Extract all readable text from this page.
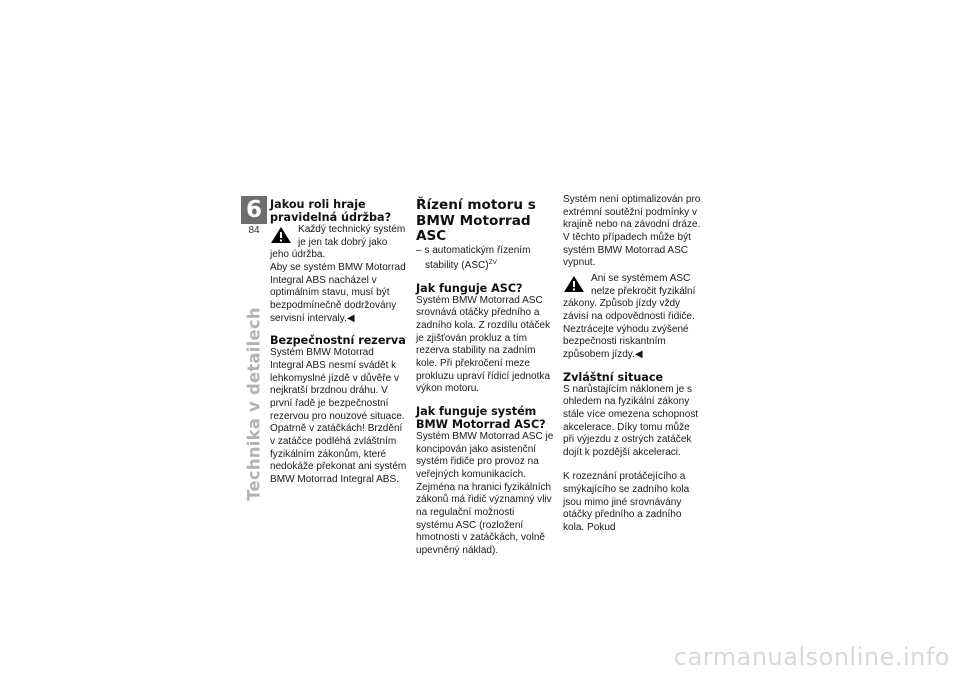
6
84
Technika v detailech

Jakou roli hraje pravidelná údržba?

Každý technický systém je jen tak dobrý jako jeho údržba.

Aby se systém BMW Motorrad Integral ABS nacházel v optimálním stavu, musí být bezpodmínečně dodržovány servisní intervaly.◀

Bezpečnostní rezerva

Systém BMW Motorrad Integral ABS nesmí svádět k lehkomyslné jízdě v důvěře v nejkratší brzdnou dráhu. V první řadě je bezpečnostní rezervou pro nouzové situace.

Opatrně v zatáčkách! Brzdění v zatáčce podléhá zvláštním fyzikálním zákonům, které nedokáže překonat ani systém BMW Motorrad Integral ABS.

Řízení motoru s BMW Motorrad ASC

– s automatickým řízením stability (ASC)$^{ZV}$

Jak funguje ASC?

Systém BMW Motorrad ASC srovnává otáčky předního a zadního kola. Z rozdílu otáček je zjišťován prokluz a tím rezerva stability na zadním kole. Při překročení meze prokluzu upraví řídicí jednotka výkon motoru.

Jak funguje systém BMW Motorrad ASC?

Systém BMW Motorrad ASC je koncipován jako asistenční systém řidiče pro provoz na veřejných komunikacích. Zejména na hranici fyzikálních zákonů má řidič významný vliv na regulační možnosti systému ASC (rozložení hmotnosti v zatáčkách, volně upevněný náklad).

Systém není optimalizován pro extrémní soutěžní podmínky v krajině nebo na závodní dráze. V těchto případech může být systém BMW Motorrad ASC vypnut.

Ani se systémem ASC nelze překročit fyzikální zákony. Způsob jízdy vždy závisí na odpovědnosti řidiče.

Neztrácejte výhodu zvýšené bezpečnosti riskantním způsobem jízdy.◀

Zvláštní situace

S narůstajícím náklonem je s ohledem na fyzikální zákony stále více omezena schopnost akcelerace. Díky tomu může při výjezdu z ostrých zatáček dojít k pozdější akceleraci.

K rozeznání protáčejícího a smýkajícího se zadního kola jsou mimo jiné srovnávány otáčky předního a zadního kola. Pokud

carmanualsonline.info
